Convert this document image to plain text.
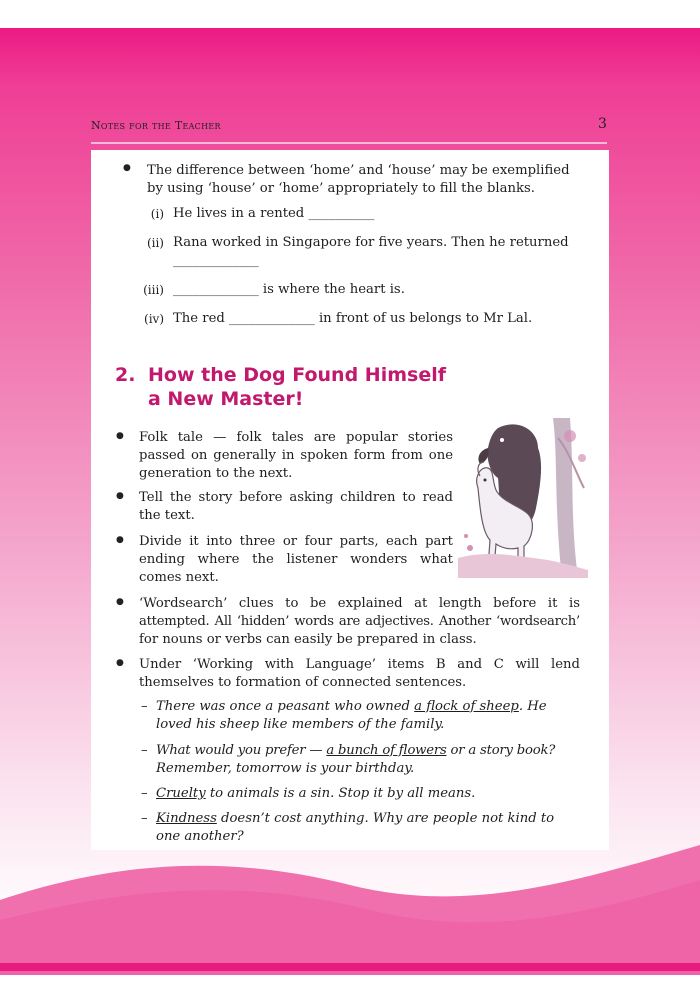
Notes for the Teacher	3
● The difference between ‘home’ and ‘house’ may be exemplified
by using ‘house’ or ‘home’ appropriately to fill the blanks.
(i) He lives in a rented __________
(ii) Rana worked in Singapore for five years. Then he returned
_____________
(iii) _____________ is where the heart is.
(iv) The red _____________ in front of us belongs to Mr Lal.
2. How the Dog Found Himself
a New Master!
● Folk tale — folk tales are popular stories
passed on generally in spoken form from one
generation to the next.
● Tell the story before asking children to read
the text.
● Divide it into three or four parts, each part
ending where the listener wonders what
comes next.
● ‘Wordsearch’ clues to be explained at length before it is
attempted. All ‘hidden’ words are adjectives. Another ‘wordsearch’
for nouns or verbs can easily be prepared in class.
● Under ‘Working with Language’ items B and C will lend
themselves to formation of connected sentences.
– There was once a peasant who owned a flock of sheep. He
loved his sheep like members of the family.
– What would you prefer — a bunch of flowers or a story book?
Remember, tomorrow is your birthday.
– Cruelty to animals is a sin. Stop it by all means.
– Kindness doesn’t cost anything. Why are people not kind to
one another?
